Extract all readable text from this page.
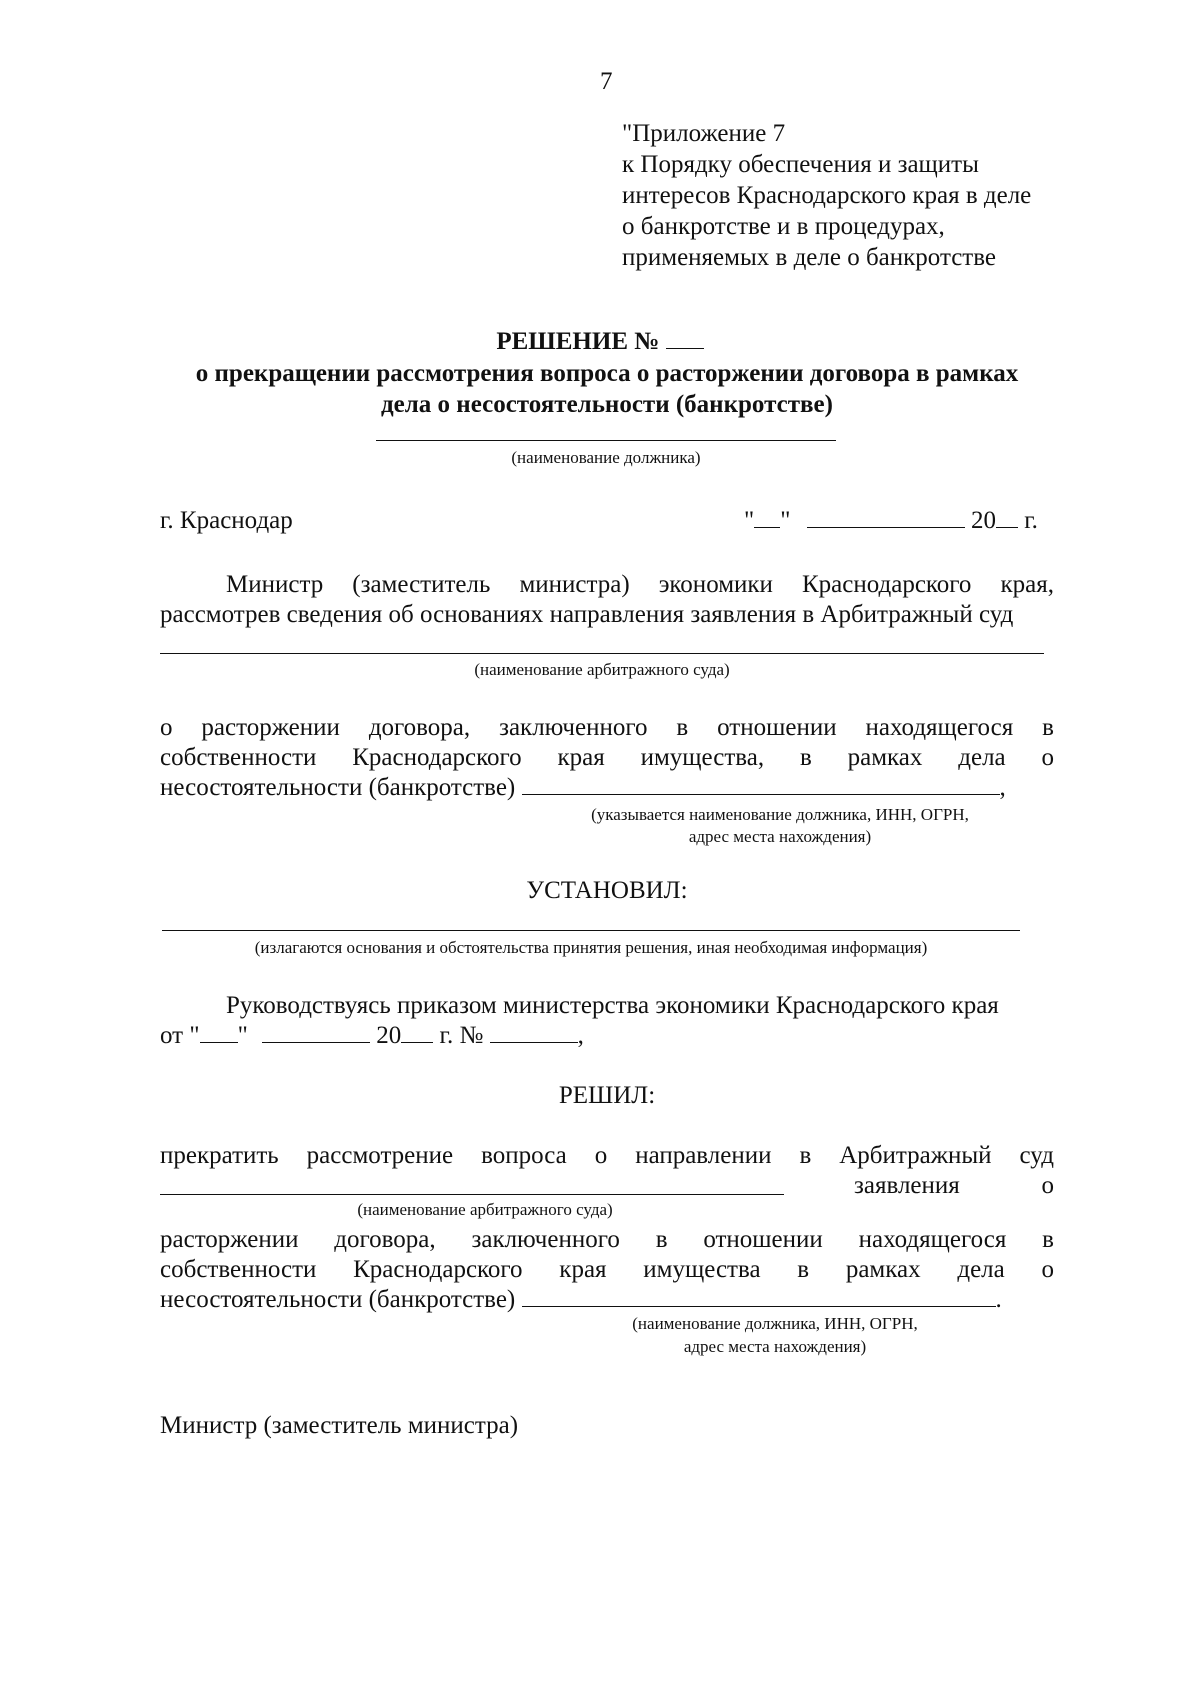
7
"Приложение 7
к Порядку обеспечения и защиты
интересов Краснодарского края в деле
о банкротстве и в процедурах,
применяемых в деле о банкротстве
РЕШЕНИЕ №
о прекращении рассмотрения вопроса о расторжении договора в рамках
дела о несостоятельности (банкротстве)
(наименование должника)
г. Краснодар	" "	20 г.
Министр (заместитель министра) экономики Краснодарского края,
рассмотрев сведения об основаниях направления заявления в Арбитражный суд
(наименование арбитражного суда)
о расторжении договора, заключенного в отношении находящегося в
собственности Краснодарского края имущества, в рамках дела о
несостоятельности (банкротстве)	,
(указывается наименование должника, ИНН, ОГРН,
адрес места нахождения)
УСТАНОВИЛ:
(излагаются основания и обстоятельства принятия решения, иная необходимая информация)
Руководствуясь приказом министерства экономики Краснодарского края
от " "	20 г. №	,
РЕШИЛ:
прекратить рассмотрение вопроса о направлении в Арбитражный суд
заявления	о
(наименование арбитражного суда)
расторжении договора, заключенного в отношении находящегося в
собственности Краснодарского края имущества в рамках дела о
несостоятельности (банкротстве)	.
(наименование должника, ИНН, ОГРН,
адрес места нахождения)
Министр (заместитель министра)
